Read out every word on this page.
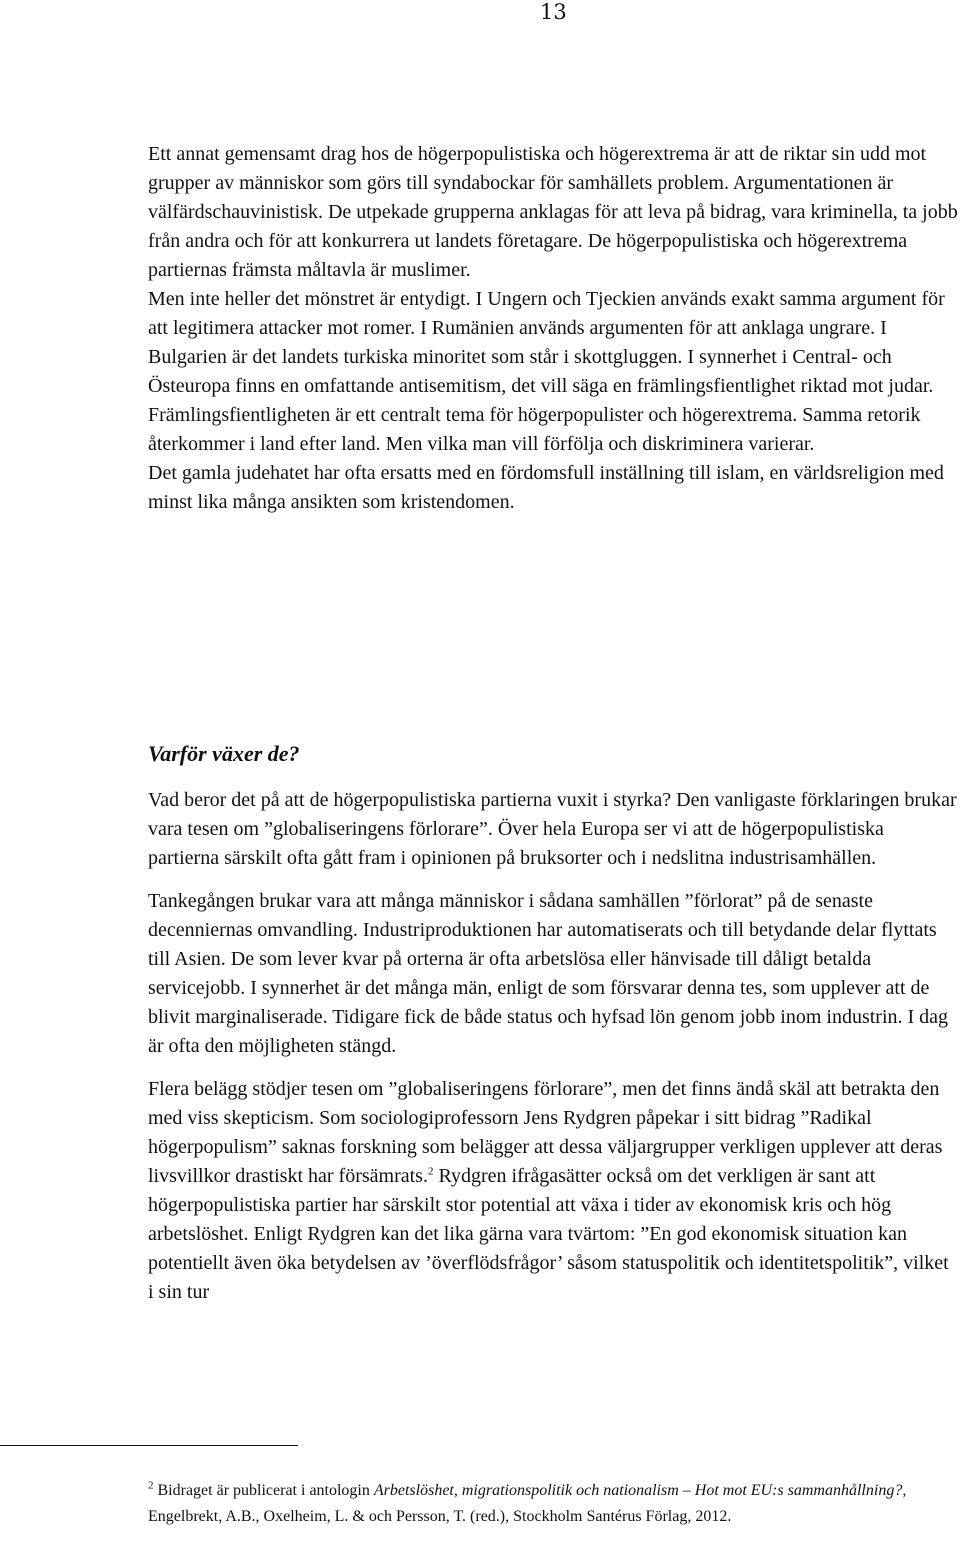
13

Ett annat gemensamt drag hos de högerpopulistiska och högerextrema är att de riktar sin udd mot grupper av människor som görs till syndabockar för samhällets problem. Argumentationen är välfärdschauvinistisk. De utpekade grupperna anklagas för att leva på bidrag, vara kriminella, ta jobb från andra och för att konkurrera ut landets företagare. De högerpopulistiska och högerextrema partiernas främsta måltavla är muslimer.

Men inte heller det mönstret är entydigt. I Ungern och Tjeckien används exakt samma argument för att legitimera attacker mot romer. I Rumänien används argumenten för att anklaga ungrare. I Bulgarien är det landets turkiska minoritet som står i skottgluggen. I synnerhet i Central- och Östeuropa finns en omfattande antisemitism, det vill säga en främlingsfientlighet riktad mot judar. Främlingsfientligheten är ett centralt tema för högerpopulister och högerextrema. Samma retorik återkommer i land efter land. Men vilka man vill förfölja och diskriminera varierar.

Det gamla judehatet har ofta ersatts med en fördomsfull inställning till islam, en världsreligion med minst lika många ansikten som kristendomen.

Varför växer de?

Vad beror det på att de högerpopulistiska partierna vuxit i styrka? Den vanligaste förklaringen brukar vara tesen om ”globaliseringens förlorare”. Över hela Europa ser vi att de högerpopulistiska partierna särskilt ofta gått fram i opinionen på bruksorter och i nedslitna industrisamhällen.

Tankegången brukar vara att många människor i sådana samhällen ”förlorat” på de senaste decenniernas omvandling. Industriproduktionen har automatiserats och till betydande delar flyttats till Asien. De som lever kvar på orterna är ofta arbetslösa eller hänvisade till dåligt betalda servicejobb. I synnerhet är det många män, enligt de som försvarar denna tes, som upplever att de blivit marginaliserade. Tidigare fick de både status och hyfsad lön genom jobb inom industrin. I dag är ofta den möjligheten stängd.

Flera belägg stödjer tesen om ”globaliseringens förlorare”, men det finns ändå skäl att betrakta den med viss skepticism. Som sociologiprofessorn Jens Rydgren påpekar i sitt bidrag ”Radikal högerpopulism” saknas forskning som belägger att dessa väljargrupper verkligen upplever att deras livsvillkor drastiskt har försämrats.$^2$ Rydgren ifrågasätter också om det verkligen är sant att högerpopulistiska partier har särskilt stor potential att växa i tider av ekonomisk kris och hög arbetslöshet. Enligt Rydgren kan det lika gärna vara tvärtom: ”En god ekonomisk situation kan potentiellt även öka betydelsen av ’överflödsfrågor’ såsom statuspolitik och identitetspolitik”, vilket i sin tur

$^2$ Bidraget är publicerat i antologin Arbetslöshet, migrationspolitik och nationalism – Hot mot EU:s sammanhållning?, Engelbrekt, A.B., Oxelheim, L. & och Persson, T. (red.), Stockholm Santérus Förlag, 2012.
